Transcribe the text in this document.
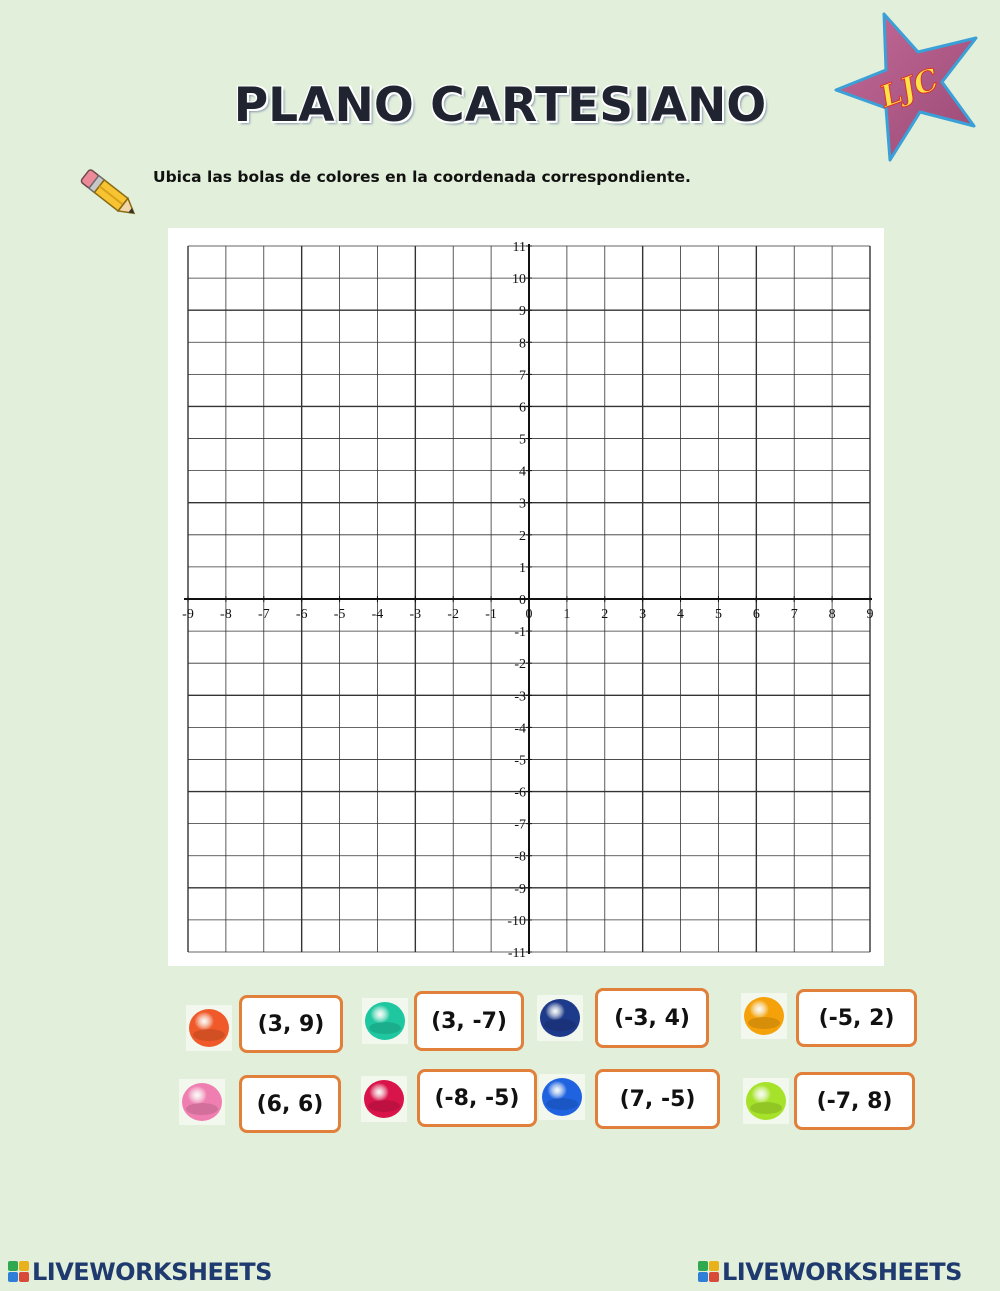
PLANO CARTESIANO	LJC
Ubica las bolas de colores en la coordenada correspondiente.
-9 -8 -7 -6 -5 -4 -3 -2 -1 0 1 2 3 4 5 6 7 8 9
11
10
9
8
7
6
5
4
3
2
1
0
-1
-2
-3
-4
-5
-6
-7
-8
-9
-10
-11
(3, 9)	(3, -7)	(-3, 4)	(-5, 2)
(6, 6)	(-8, -5)	(7, -5)	(-7, 8)
LIVEWORKSHEETS	LIVEWORKSHEETS
